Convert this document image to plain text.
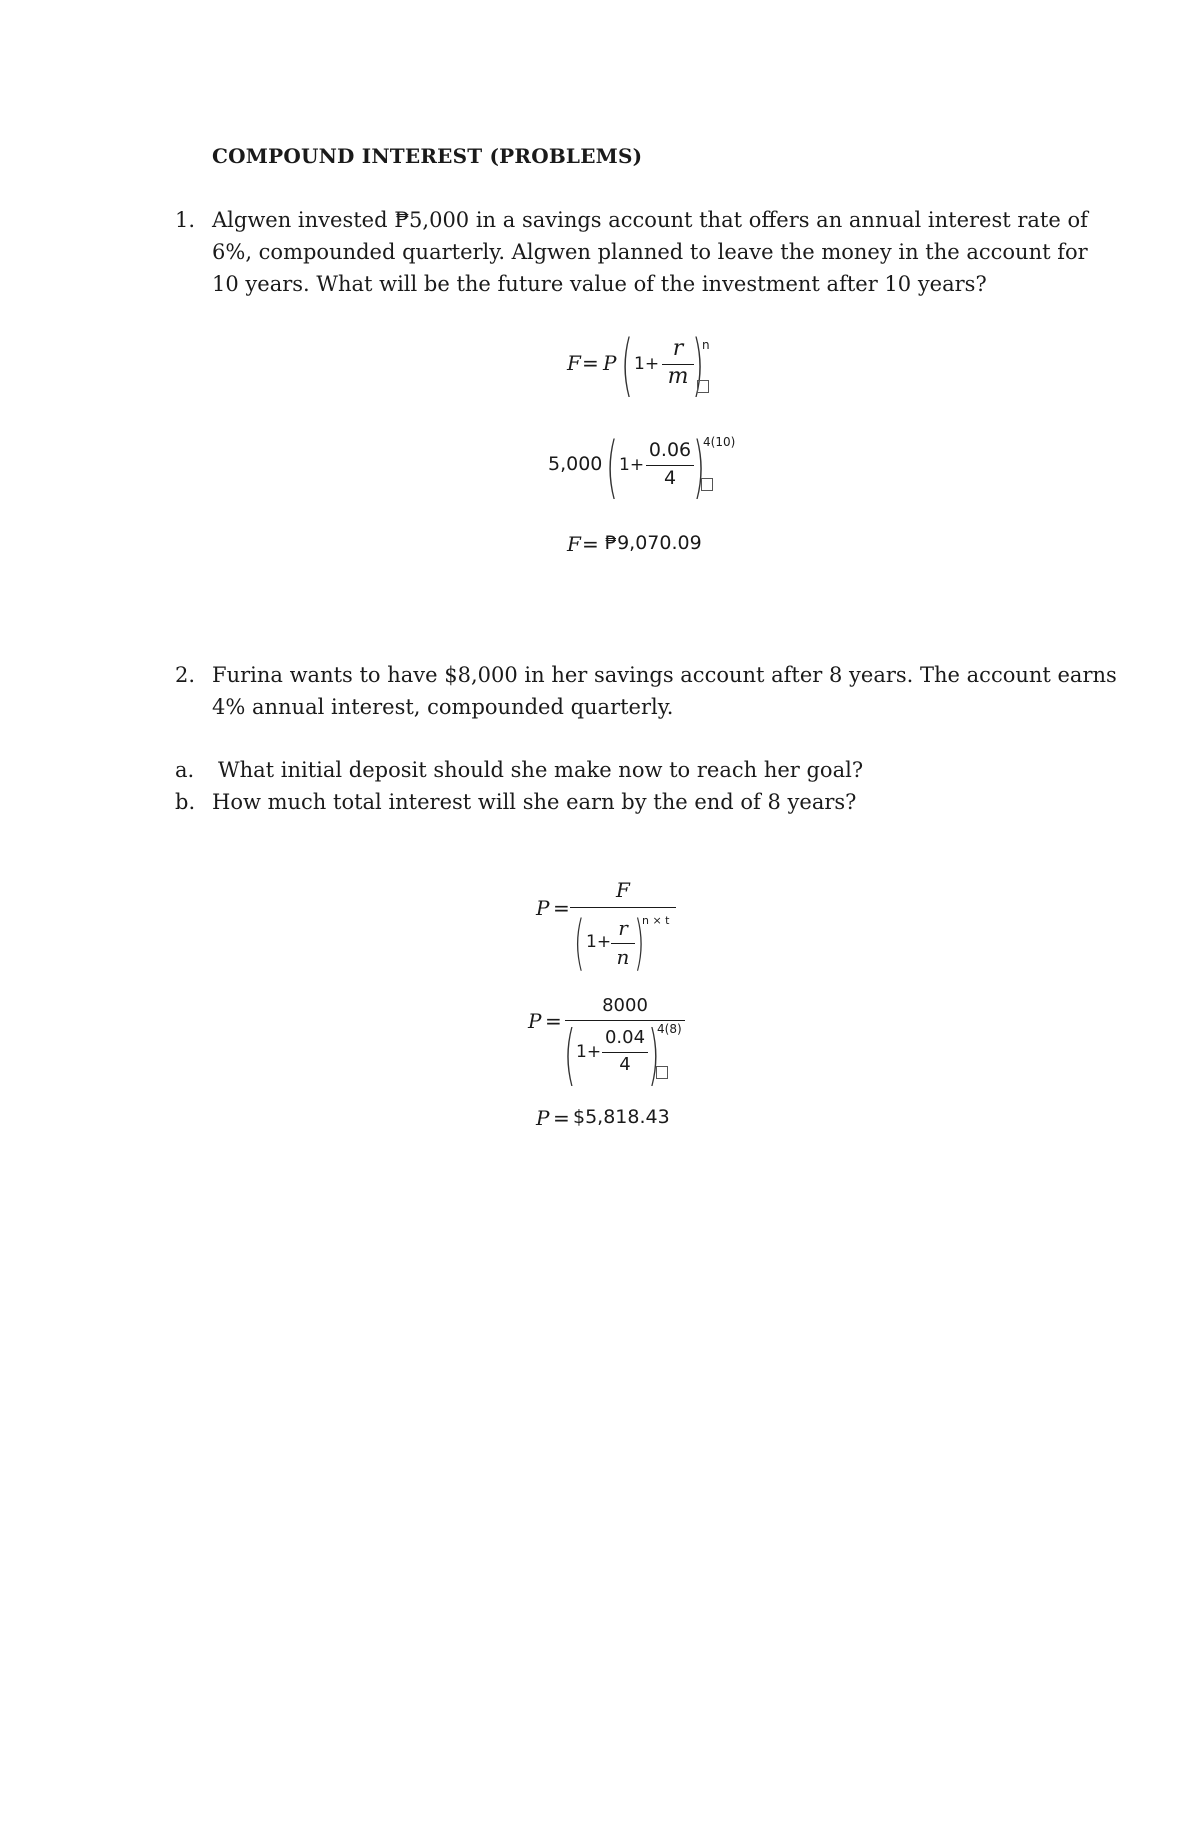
COMPOUND INTEREST (PROBLEMS)
1. Algwen invested ₱5,000 in a savings account that offers an annual interest rate of
6%, compounded quarterly. Algwen planned to leave the money in the account for
10 years. What will be the future value of the investment after 10 years?
F = P ( 1+
r
m )
n
5,000 ( 1+
0.06
4 )
4(10)
F = ₱9,070.09
2. Furina wants to have $8,000 in her savings account after 8 years. The account earns
4% annual interest, compounded quarterly.
a.	What initial deposit should she make now to reach her goal?
b. How much total interest will she earn by the end of 8 years?
P =
F
( 1+
r
n )
n × t
P =
8000
( 1+
0.04
4 )
4(8)
P = $5,818.43
